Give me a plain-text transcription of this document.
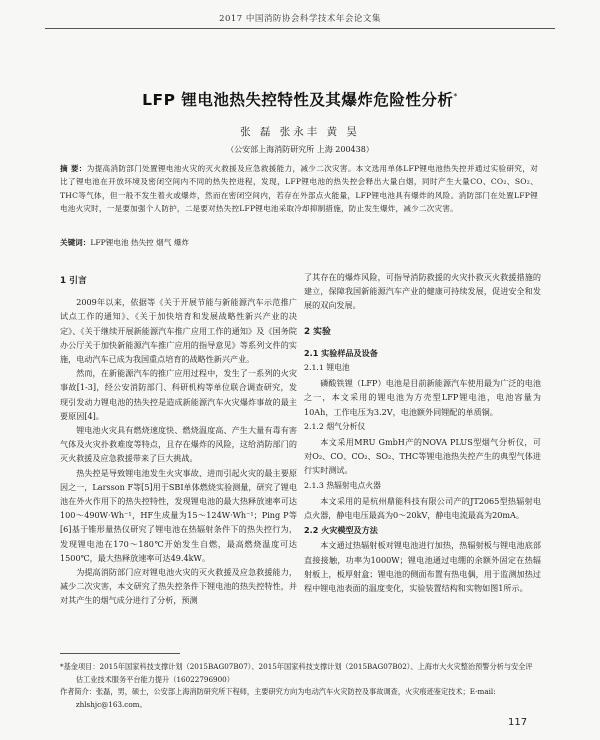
2017 中国消防协会科学技术年会论文集
LFP 锂电池热失控特性及其爆炸危险性分析*
张 磊 张永丰 黄 昊
（公安部上海消防研究所 上海 200438）
摘 要：为提高消防部门处置锂电池火灾的灭火救援及应急救援能力，减少二次灾害。本文选用单体LFP锂电池热失控并通过实验研究，对比了锂电池在开放环境及密闭空间内不同的热失控进程，发现，LFP锂电池的热失控会释出大量白烟，同时产生大量CO、CO₂、SO₂、THC等气体，但一般不发生着火或爆炸，然而在密闭空间内，若存在外部点火能量，LFP锂电池具有爆炸的风险。消防部门在处置LFP锂电池火灾时，一是要加强个人防护，二是要对热失控LFP锂电池采取冷却抑制措施，防止发生爆炸，减少二次灾害。
关键词：LFP锂电池 热失控 烟气 爆炸
1 引言

2009年以来，依据等《关于开展节能与新能源汽车示范推广试点工作的通知》、《关于加快培育和发展战略性新兴产业的决定》、《关于继续开展新能源汽车推广应用工作的通知》及《国务院办公厅关于加快新能源汽车推广应用的指导意见》等系列文件的实施，电动汽车已成为我国重点培育的战略性新兴产业。

然而，在新能源汽车的推广应用过程中，发生了一系列的火灾事故[1-3]，经公安消防部门、科研机构等单位联合调查研究，发现引发动力锂电池的热失控是造成新能源汽车火灾爆炸事故的最主要原因[4]。

锂电池火灾具有燃烧速度快、燃烧温度高、产生大量有毒有害气体及火灾扑救难度等特点，且存在爆炸的风险，这给消防部门的灭火救援及应急救援带来了巨大挑战。

热失控是导致锂电池发生火灾事故、进而引起火灾的最主要原因之一，Larsson F等[5]用于SBI单体燃烧实验测量，研究了锂电池在外火作用下的热失控特性，发现锂电池的最大热释放速率可达100～490W·Wh⁻¹，HF生成量为15～124W·Wh⁻¹；Ping P等[6]基于锥形量热仪研究了锂电池在热辐射条件下的热失控行为，发现锂电池在170～180℃开始发生自燃，最高燃烧温度可达1500℃，最大热释放速率可达49.4kW。

为提高消防部门应对锂电池火灾的灭火救援及应急救援能力，减少二次灾害，本文研究了热失控条件下锂电池的热失控特性，并对其产生的烟气成分进行了分析，预测

了其存在的爆炸风险，可指导消防救援的火灾扑救灭火救援措施的建立，保障我国新能源汽车产业的健康可持续发展，促进安全和发展的双向发展。

2 实验
2.1 实验样品及设备
2.1.1 锂电池

磷酸铁锂（LFP）电池是目前新能源汽车使用最为广泛的电池之一，本文采用的锂电池为方壳型LFP锂电池，电池容量为10Ah，工作电压为3.2V，电池额外同锂配的单质铜。

2.1.2 烟气分析仪

本文采用MRU GmbH产的NOVA PLUS型烟气分析仪，可对O₂、CO、CO₂、SO₂、THC等锂电池热失控产生的典型气体进行实时测试。

2.1.3 热辐射电点火器

本文采用的是杭州鼎能科技有限公司产的JT2065型热辐射电点火器，静电电压最高为0～20kV，静电电流最高为20mA。

2.2 火灾模型及方法

本文通过热辐射板对锂电池进行加热，热辐射板与锂电池底部直接接触，功率为1000W；锂电池通过电绷的余额外固定在热辐射板上，板厚射盒；锂电池的侧面布置有热电偶，用于监测加热过程中锂电池表面的温度变化，实验装置结构和实物如图1所示。

*基金项目：2015年国家科技支撑计划（2015BAG07B07）、2015年国家科技支撑计划（2015BAG07B02）、上海市大火灾整治预警分析与安全评估工业技术服务平台能力提升（16022796900）
作者简介：张磊，男，硕士，公安部上海消防研究所下程师，主要研究方向为电动汽车火灾防控及事故调查，火灾痕迹鉴定技术；E-mail: zhlshjc@163.com。
117
